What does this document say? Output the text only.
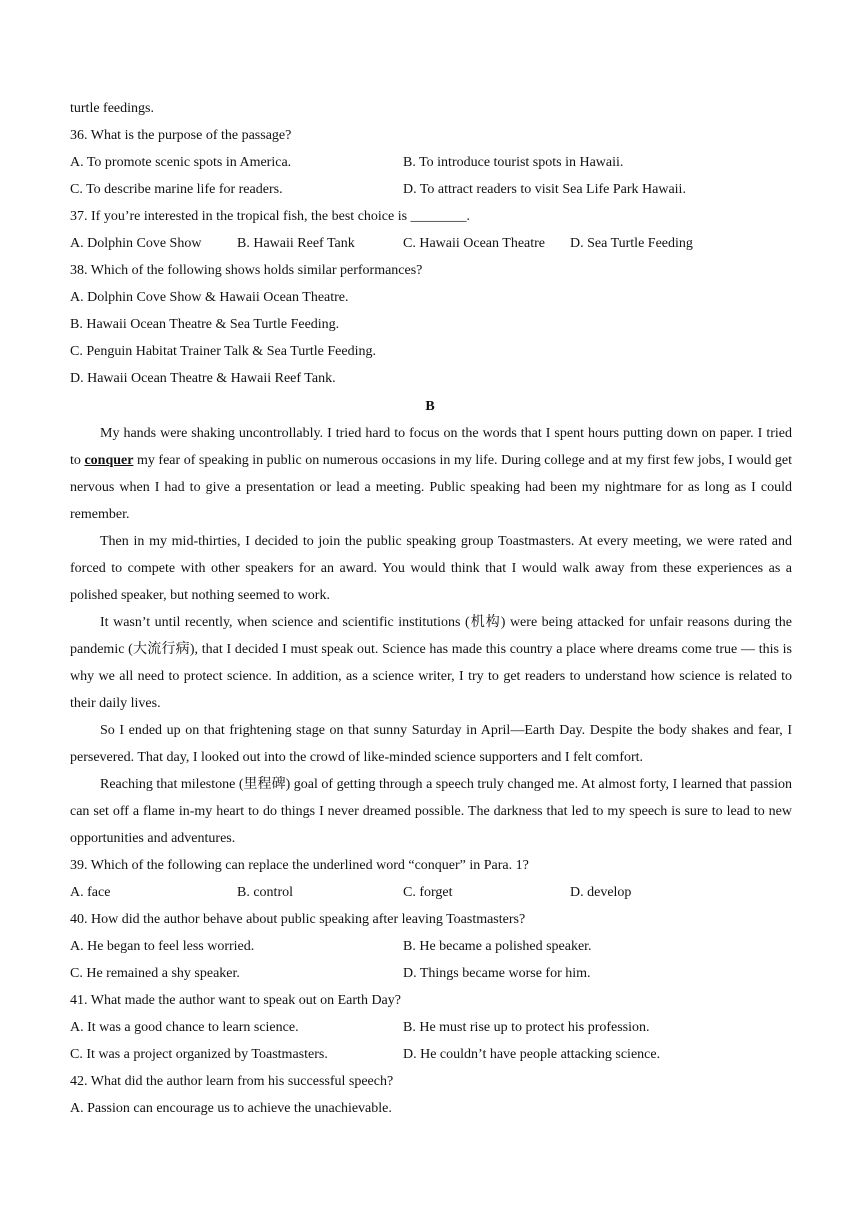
turtle feedings.
36. What is the purpose of the passage?
A. To promote scenic spots in America.	B. To introduce tourist spots in Hawaii.
C. To describe marine life for readers.	D. To attract readers to visit Sea Life Park Hawaii.
37. If you’re interested in the tropical fish, the best choice is ________.
A. Dolphin Cove Show	B. Hawaii Reef Tank	C. Hawaii Ocean Theatre D. Sea Turtle Feeding
38. Which of the following shows holds similar performances?
A. Dolphin Cove Show & Hawaii Ocean Theatre.
B. Hawaii Ocean Theatre & Sea Turtle Feeding.
C. Penguin Habitat Trainer Talk & Sea Turtle Feeding.
D. Hawaii Ocean Theatre & Hawaii Reef Tank.
B
My hands were shaking uncontrollably. I tried hard to focus on the words that I spent hours putting down on paper. I tried to conquer my fear of speaking in public on numerous occasions in my life. During college and at my first few jobs, I would get nervous when I had to give a presentation or lead a meeting. Public speaking had been my nightmare for as long as I could remember.
Then in my mid-thirties, I decided to join the public speaking group Toastmasters. At every meeting, we were rated and forced to compete with other speakers for an award. You would think that I would walk away from these experiences as a polished speaker, but nothing seemed to work.
It wasn’t until recently, when science and scientific institutions (机构) were being attacked for unfair reasons during the pandemic (大流行病), that I decided I must speak out. Science has made this country a place where dreams come true — this is why we all need to protect science. In addition, as a science writer, I try to get readers to understand how science is related to their daily lives.
So I ended up on that frightening stage on that sunny Saturday in April—Earth Day. Despite the body shakes and fear, I persevered. That day, I looked out into the crowd of like-minded science supporters and I felt comfort.
Reaching that milestone (里程碑) goal of getting through a speech truly changed me. At almost forty, I learned that passion can set off a flame in-my heart to do things I never dreamed possible. The darkness that led to my speech is sure to lead to new opportunities and adventures.
39. Which of the following can replace the underlined word “conquer” in Para. 1?
A. face	B. control	C. forget	D. develop
40. How did the author behave about public speaking after leaving Toastmasters?
A. He began to feel less worried.	B. He became a polished speaker.
C. He remained a shy speaker.	D. Things became worse for him.
41. What made the author want to speak out on Earth Day?
A. It was a good chance to learn science.	B. He must rise up to protect his profession.
C. It was a project organized by Toastmasters.	D. He couldn’t have people attacking science.
42. What did the author learn from his successful speech?
A. Passion can encourage us to achieve the unachievable.
